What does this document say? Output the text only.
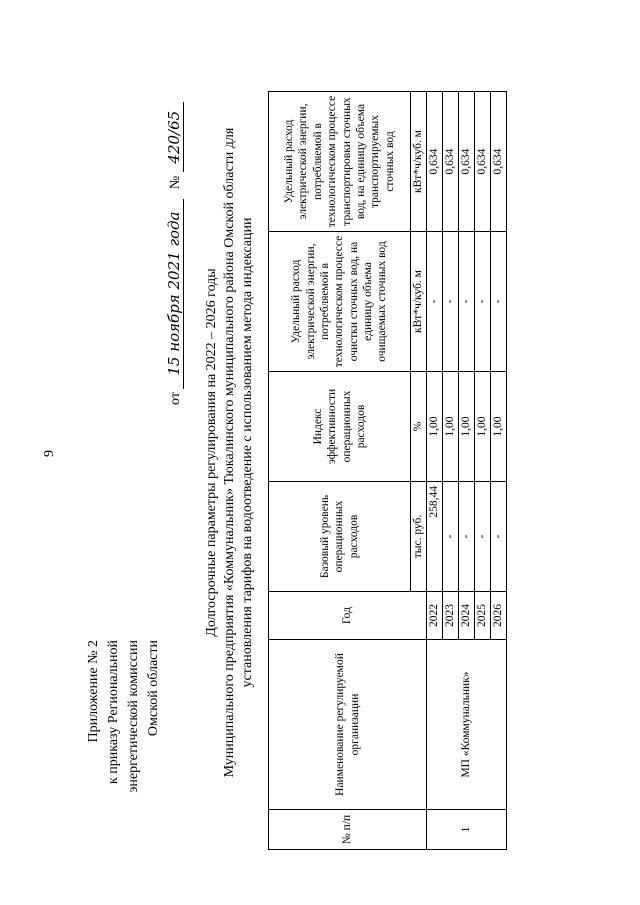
9
Приложение № 2 к приказу Региональной энергетической комиссии Омской области
от 15 ноября 2021 года № 420/65
Долгосрочные параметры регулирования на 2022 – 2026 годы Муниципального предприятия «Коммунальник» Тюкалинского муниципального района Омской области для установления тарифов на водоотведение с использованием метода индексации
№ п/п	Наименование регулируемой организации	Год	Базовый уровень операционных расходов	Индекс эффективности операционных расходов	Удельный расход электрической энергии, потребляемой в технологическом процессе очистки сточных вод, на единицу объема очищаемых сточных вод	Удельный расход электрической энергии, потребляемой в технологическом процессе транспортировки сточных вод, на единицу объема транспортируемых сточных вод
			тыс. руб.	%	кВт*ч/куб. м	кВт*ч/куб. м
1	МП «Коммунальник»	2022	258,44	1,00	-	0,634
		2023	-	1,00	-	0,634
		2024	-	1,00	-	0,634
		2025	-	1,00	-	0,634
		2026	-	1,00	-	0,634
